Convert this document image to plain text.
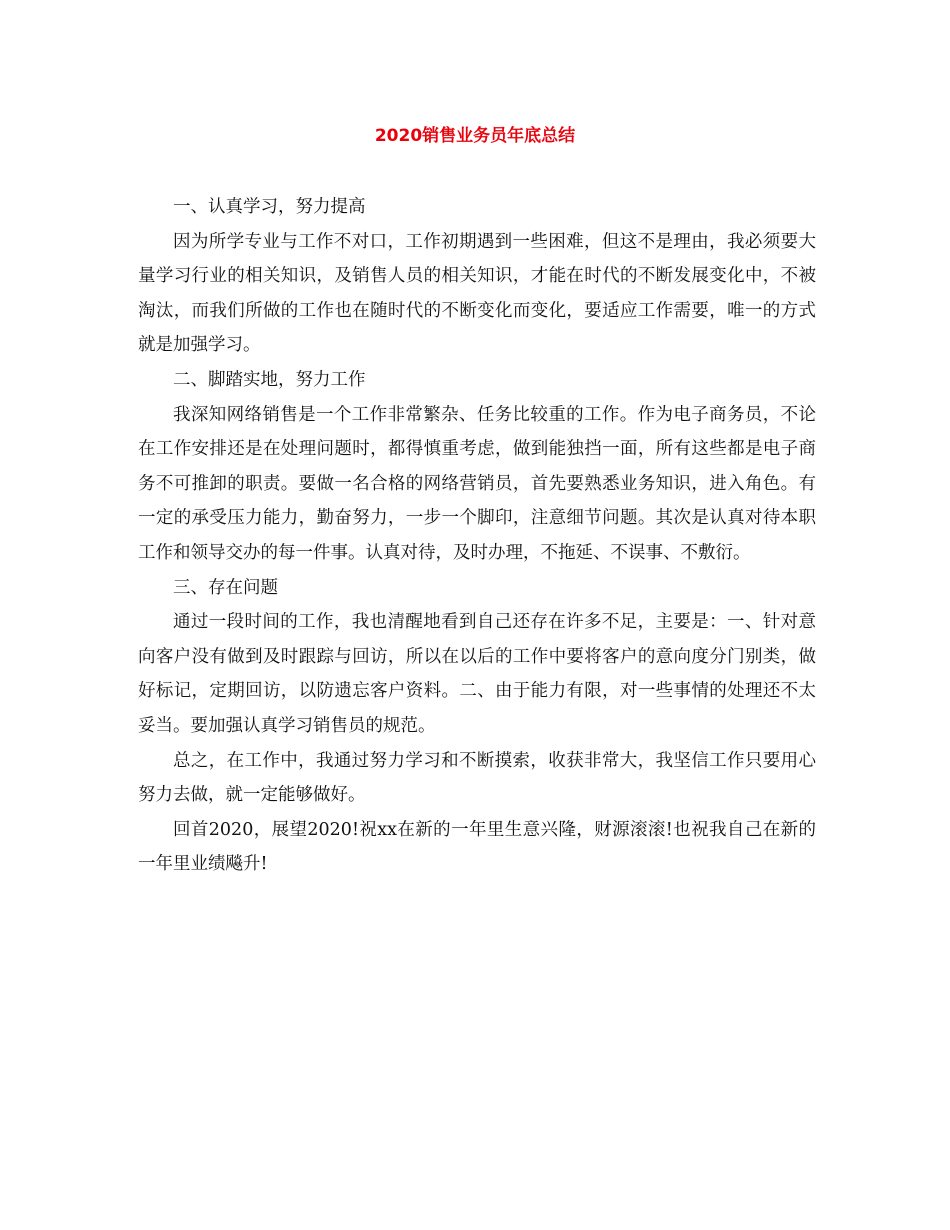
2020销售业务员年底总结

一、认真学习，努力提高

因为所学专业与工作不对口，工作初期遇到一些困难，但这不是理由，我必须要大量学习行业的相关知识，及销售人员的相关知识，才能在时代的不断发展变化中，不被淘汰，而我们所做的工作也在随时代的不断变化而变化，要适应工作需要，唯一的方式就是加强学习。

二、脚踏实地，努力工作

我深知网络销售是一个工作非常繁杂、任务比较重的工作。作为电子商务员，不论在工作安排还是在处理问题时，都得慎重考虑，做到能独挡一面，所有这些都是电子商务不可推卸的职责。要做一名合格的网络营销员，首先要熟悉业务知识，进入角色。有一定的承受压力能力，勤奋努力，一步一个脚印，注意细节问题。其次是认真对待本职工作和领导交办的每一件事。认真对待，及时办理，不拖延、不误事、不敷衍。

三、存在问题

通过一段时间的工作，我也清醒地看到自己还存在许多不足，主要是：一、针对意向客户没有做到及时跟踪与回访，所以在以后的工作中要将客户的意向度分门别类，做好标记，定期回访，以防遗忘客户资料。二、由于能力有限，对一些事情的处理还不太妥当。要加强认真学习销售员的规范。

总之，在工作中，我通过努力学习和不断摸索，收获非常大，我坚信工作只要用心努力去做，就一定能够做好。

回首2020，展望2020!祝xx在新的一年里生意兴隆，财源滚滚!也祝我自己在新的一年里业绩飚升!
